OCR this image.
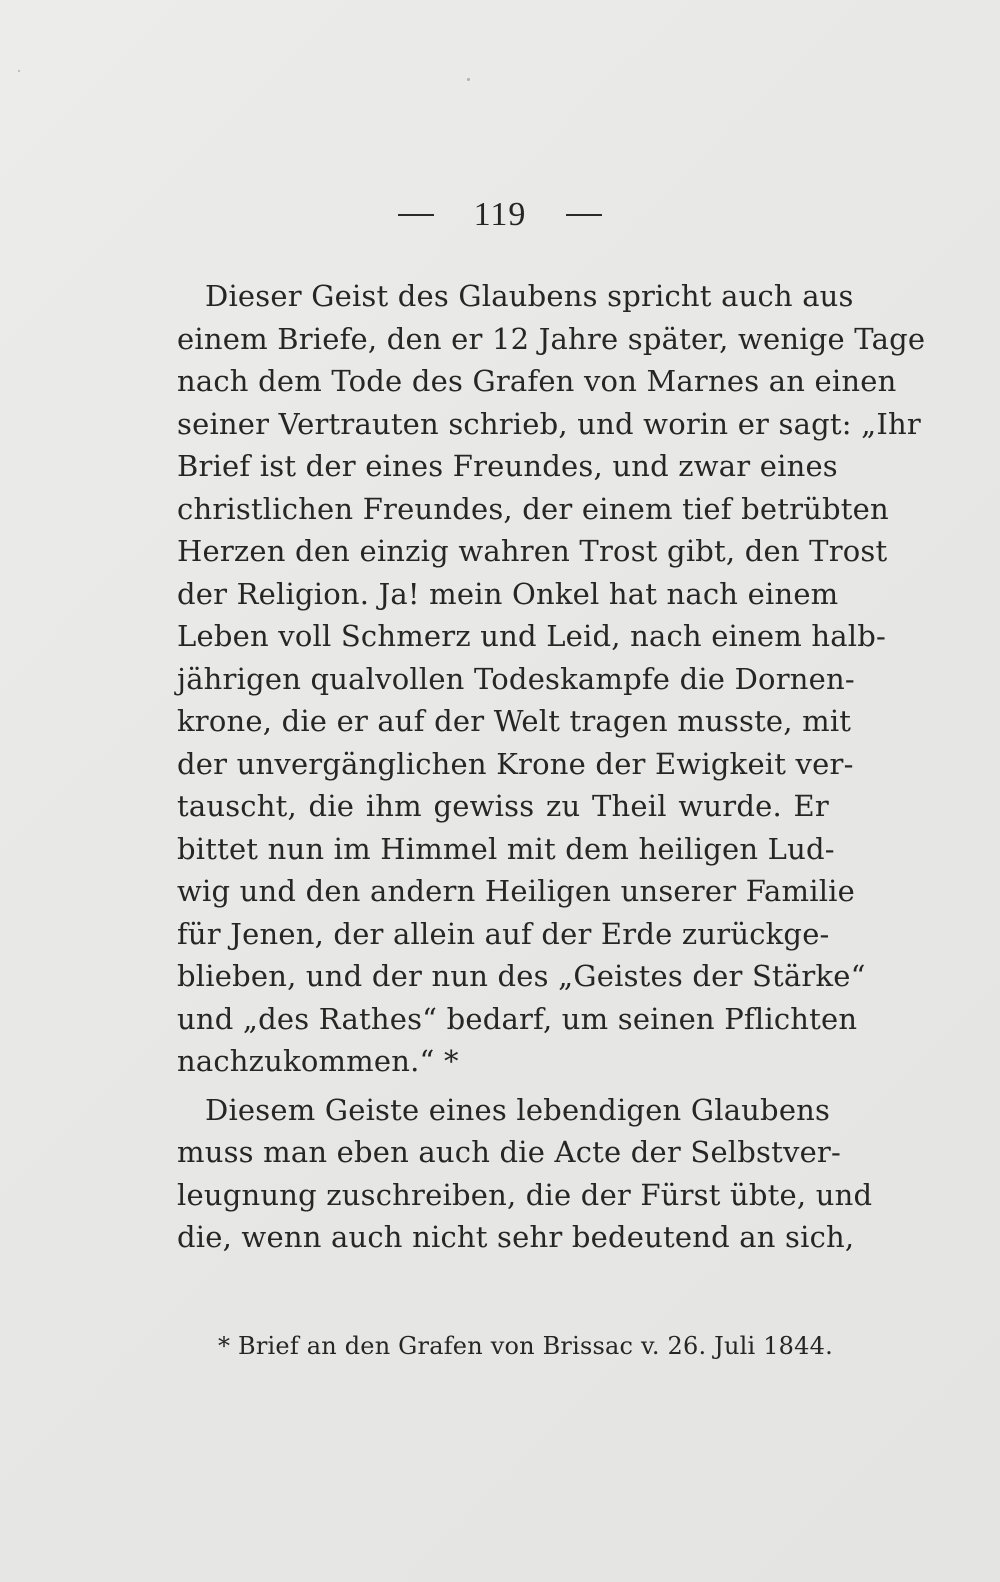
119
Dieser Geist des Glaubens spricht auch aus
einem Briefe, den er 12 Jahre später, wenige Tage
nach dem Tode des Grafen von Marnes an einen
seiner Vertrauten schrieb, und worin er sagt: „Ihr
Brief ist der eines Freundes, und zwar eines
christlichen Freundes, der einem tief betrübten
Herzen den einzig wahren Trost gibt, den Trost
der Religion. Ja! mein Onkel hat nach einem
Leben voll Schmerz und Leid, nach einem halb-
jährigen qualvollen Todeskampfe die Dornen-
krone, die er auf der Welt tragen musste, mit
der unvergänglichen Krone der Ewigkeit ver-
tauscht, die ihm gewiss zu Theil wurde. Er
bittet nun im Himmel mit dem heiligen Lud-
wig und den andern Heiligen unserer Familie
für Jenen, der allein auf der Erde zurückge-
blieben, und der nun des „Geistes der Stärke“
und „des Rathes“ bedarf, um seinen Pflichten
nachzukommen.“ *
Diesem Geiste eines lebendigen Glaubens
muss man eben auch die Acte der Selbstver-
leugnung zuschreiben, die der Fürst übte, und
die, wenn auch nicht sehr bedeutend an sich,
* Brief an den Grafen von Brissac v. 26. Juli 1844.
